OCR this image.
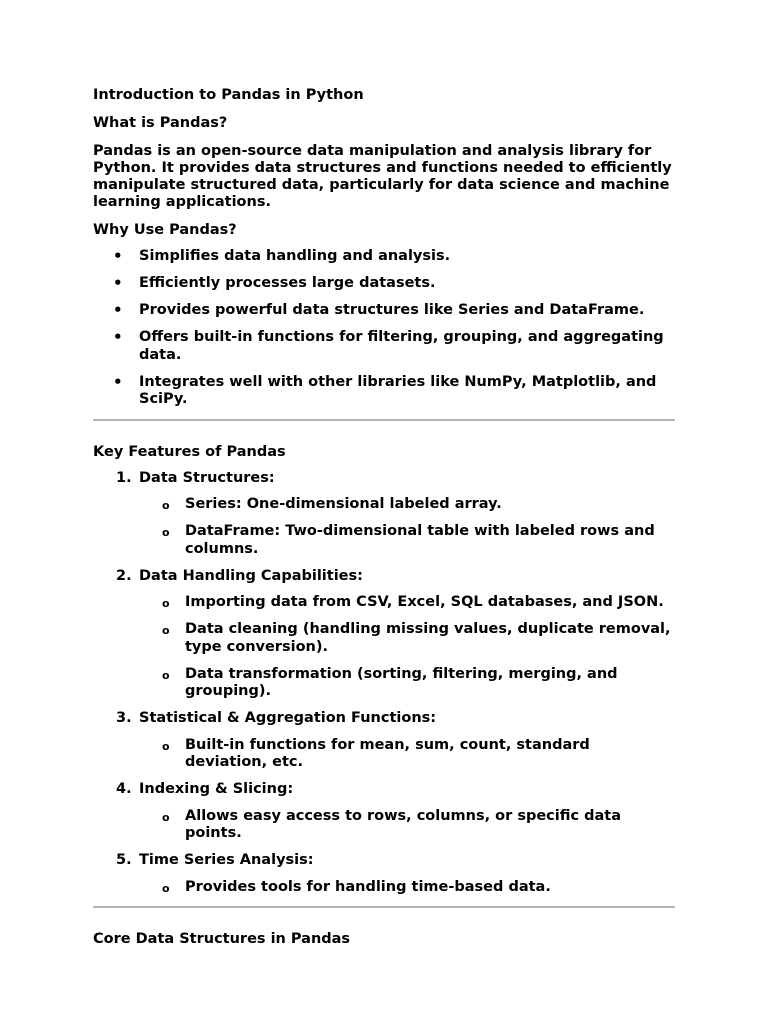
Introduction to Pandas in Python
What is Pandas?
Pandas is an open-source data manipulation and analysis library for Python. It provides data structures and functions needed to efficiently manipulate structured data, particularly for data science and machine learning applications.
Why Use Pandas?
• Simplifies data handling and analysis.
• Efficiently processes large datasets.
• Provides powerful data structures like Series and DataFrame.
• Offers built-in functions for filtering, grouping, and aggregating data.
• Integrates well with other libraries like NumPy, Matplotlib, and SciPy.
Key Features of Pandas
1. Data Structures:
o Series: One-dimensional labeled array.
o DataFrame: Two-dimensional table with labeled rows and columns.
2. Data Handling Capabilities:
o Importing data from CSV, Excel, SQL databases, and JSON.
o Data cleaning (handling missing values, duplicate removal, type conversion).
o Data transformation (sorting, filtering, merging, and grouping).
3. Statistical & Aggregation Functions:
o Built-in functions for mean, sum, count, standard deviation, etc.
4. Indexing & Slicing:
o Allows easy access to rows, columns, or specific data points.
5. Time Series Analysis:
o Provides tools for handling time-based data.
Core Data Structures in Pandas
